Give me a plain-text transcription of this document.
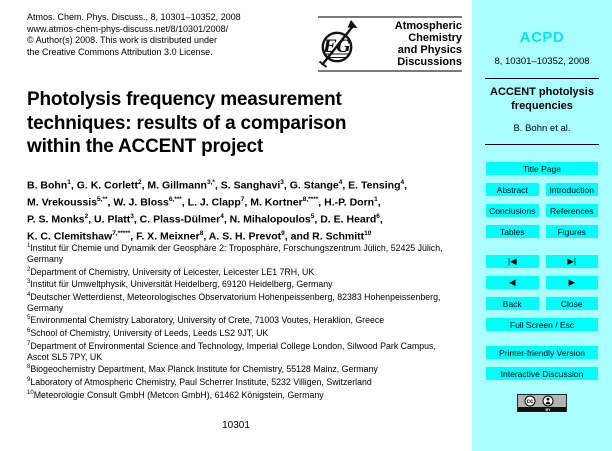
Atmos. Chem. Phys. Discuss., 8, 10301–10352, 2008
www.atmos-chem-phys-discuss.net/8/10301/2008/
© Author(s) 2008. This work is distributed under
the Creative Commons Attribution 3.0 License.	EG
Atmospheric
Chemistry
and Physics
Discussions
Photolysis frequency measurement
techniques: results of a comparison
within the ACCENT project
B. Bohn$^1$, G. K. Corlett$^2$, M. Gillmann$^{3,*}$, S. Sanghavi$^3$, G. Stange$^4$, E. Tensing$^4$,
M. Vrekoussis$^{5,**}$, W. J. Bloss$^{6,***}$, L. J. Clapp$^7$, M. Kortner$^{8,****}$, H.-P. Dorn$^1$,
P. S. Monks$^2$, U. Platt$^3$, C. Plass-Dülmer$^4$, N. Mihalopoulos$^5$, D. E. Heard$^6$,
K. C. Clemitshaw$^{7,*****}$, F. X. Meixner$^8$, A. S. H. Prevot$^9$, and R. Schmitt$^{10}$
$^1$Institut für Chemie und Dynamik der Geosphäre 2: Troposphäre, Forschungszentrum Jülich, 52425 Jülich, Germany
$^2$Department of Chemistry, University of Leicester, Leicester LE1 7RH, UK
$^3$Institut für Umweltphysik, Universität Heidelberg, 69120 Heidelberg, Germany
$^4$Deutscher Wetterdienst, Meteorologisches Observatorium Hohenpeissenberg, 82383 Hohenpeissenberg, Germany
$^5$Environmental Chemistry Laboratory, University of Crete, 71003 Voutes, Heraklion, Greece
$^6$School of Chemistry, University of Leeds, Leeds LS2 9JT, UK
$^7$Department of Environmental Science and Technology, Imperial College London, Silwood Park Campus, Ascot SL5 7PY, UK
$^8$Biogeochemistry Department, Max Planck Institute for Chemistry, 55128 Mainz, Germany
$^9$Laboratory of Atmospheric Chemistry, Paul Scherrer Institute, 5232 Villigen, Switzerland
$^{10}$Meteorologie Consult GmbH (Metcon GmbH), 61462 Königstein, Germany
10301
ACPD
8, 10301–10352, 2008
ACCENT photolysis frequencies
B. Bohn et al.
Title Page
Abstract	Introduction
Conclusions	References
Tables	Figures
|◀	▶|
◀	▶
Back	Close
Full Screen / Esc
Printer-friendly Version
Interactive Discussion
cc
BY
